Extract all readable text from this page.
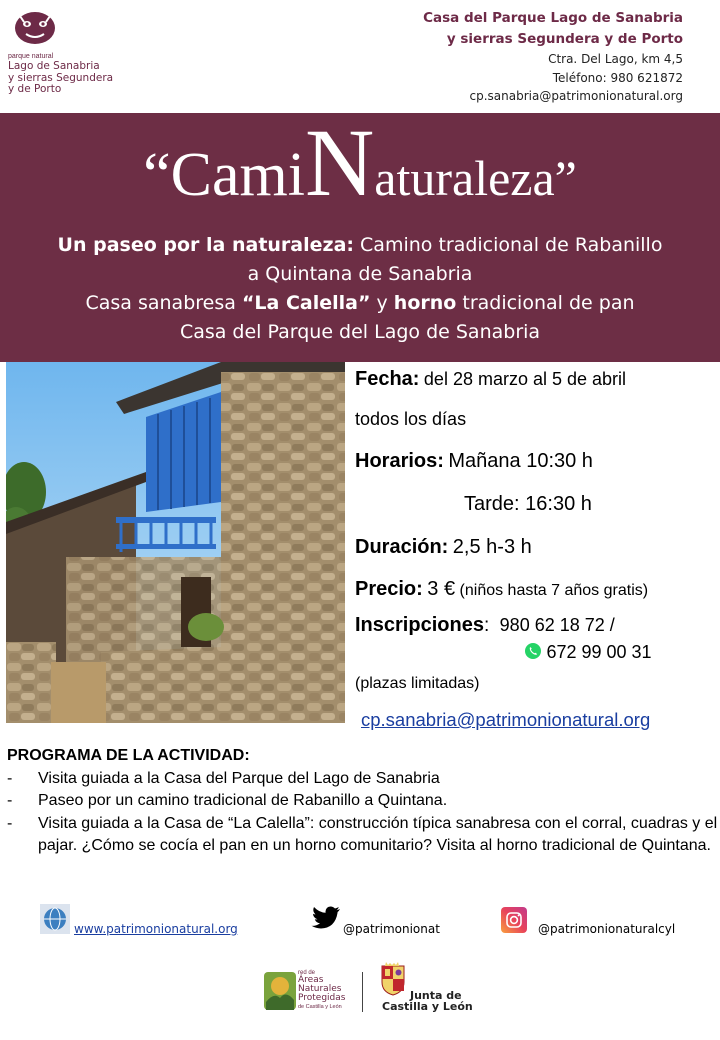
parque natural
Lago de Sanabria
y sierras Segundera
y de Porto
Casa del Parque Lago de Sanabria
y sierras Segundera y de Porto
Ctra. Del Lago, km 4,5
Teléfono: 980 621872
cp.sanabria@patrimonionatural.org
“CamiNaturaleza”
Un paseo por la naturaleza: Camino tradicional de Rabanillo
a Quintana de Sanabria
Casa sanabresa “La Calella” y horno tradicional de pan
Casa del Parque del Lago de Sanabria
Fecha: del 28 marzo al 5 de abril
todos los días
Horarios: Mañana 10:30 h
Tarde: 16:30 h
Duración: 2,5 h-3 h
Precio: 3 € (niños hasta 7 años gratis)
Inscripciones: 980 62 18 72 /
672 99 00 31
(plazas limitadas)
cp.sanabria@patrimonionatural.org
PROGRAMA DE LA ACTIVIDAD:
- Visita guiada a la Casa del Parque del Lago de Sanabria
- Paseo por un camino tradicional de Rabanillo a Quintana.
- Visita guiada a la Casa de “La Calella”: construcción típica sanabresa con el corral, cuadras y el pajar. ¿Cómo se cocía el pan en un horno comunitario? Visita al horno tradicional de Quintana.
www.patrimonionatural.org	@patrimonionat	@patrimonionaturalcyl
red de
Áreas
Naturales
Protegidas
de Castilla y León
Junta de
Castilla y León
